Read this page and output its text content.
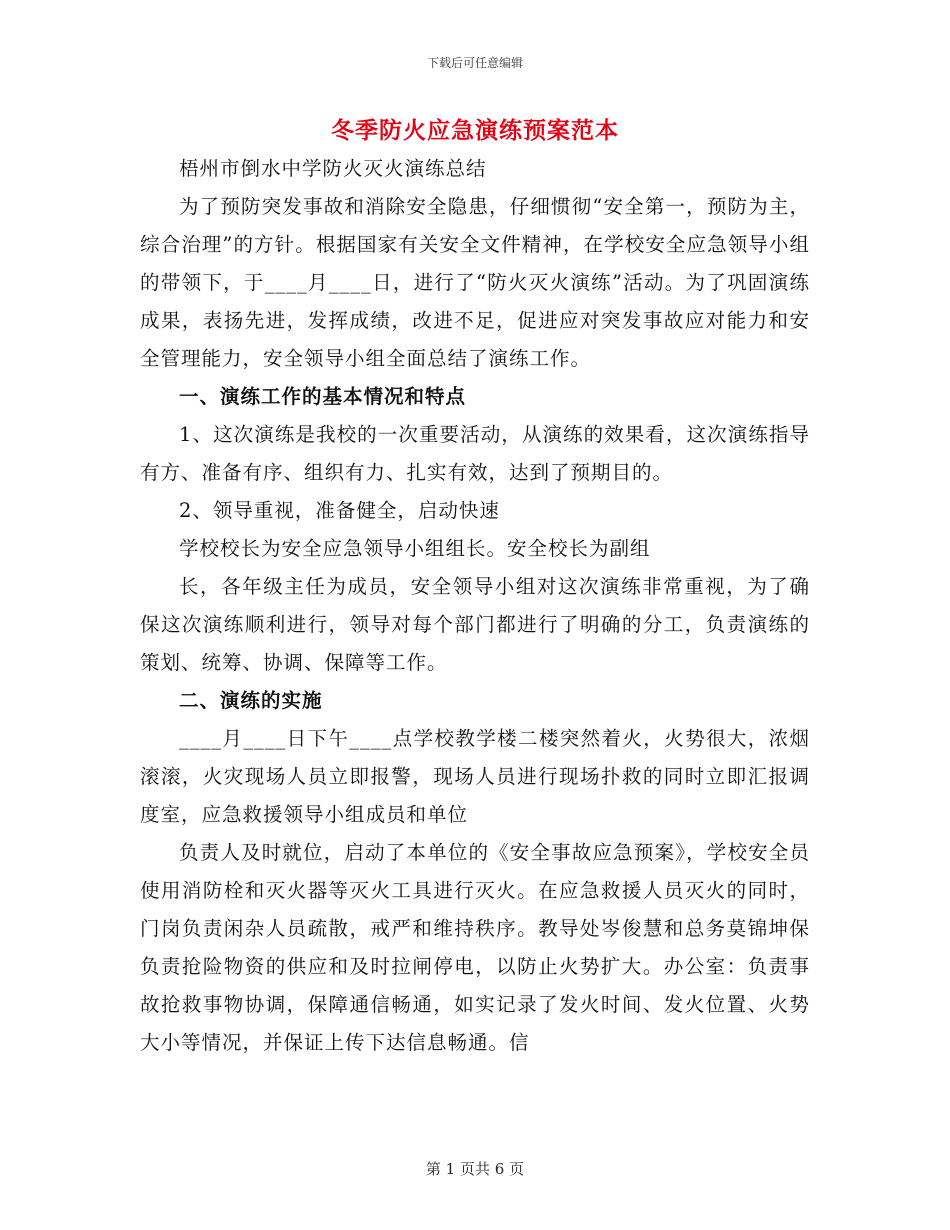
下载后可任意编辑
冬季防火应急演练预案范本

梧州市倒水中学防火灭火演练总结

为了预防突发事故和消除安全隐患，仔细惯彻“安全第一，预防为主，综合治理”的方针。根据国家有关安全文件精神，在学校安全应急领导小组的带领下，于____月____日，进行了“防火灭火演练”活动。为了巩固演练成果，表扬先进，发挥成绩，改进不足，促进应对突发事故应对能力和安全管理能力，安全领导小组全面总结了演练工作。

一、演练工作的基本情况和特点

1、这次演练是我校的一次重要活动，从演练的效果看，这次演练指导有方、准备有序、组织有力、扎实有效，达到了预期目的。

2、领导重视，准备健全，启动快速

学校校长为安全应急领导小组组长。安全校长为副组

长，各年级主任为成员，安全领导小组对这次演练非常重视，为了确保这次演练顺利进行，领导对每个部门都进行了明确的分工，负责演练的策划、统筹、协调、保障等工作。

二、演练的实施

____月____日下午____点学校教学楼二楼突然着火，火势很大，浓烟滚滚，火灾现场人员立即报警，现场人员进行现场扑救的同时立即汇报调度室，应急救援领导小组成员和单位

负责人及时就位，启动了本单位的《安全事故应急预案》，学校安全员使用消防栓和灭火器等灭火工具进行灭火。在应急救援人员灭火的同时，门岗负责闲杂人员疏散，戒严和维持秩序。教导处岑俊慧和总务莫锦坤保负责抢险物资的供应和及时拉闸停电，以防止火势扩大。办公室：负责事故抢救事物协调，保障通信畅通，如实记录了发火时间、发火位置、火势大小等情况，并保证上传下达信息畅通。信

第 1 页共 6 页
